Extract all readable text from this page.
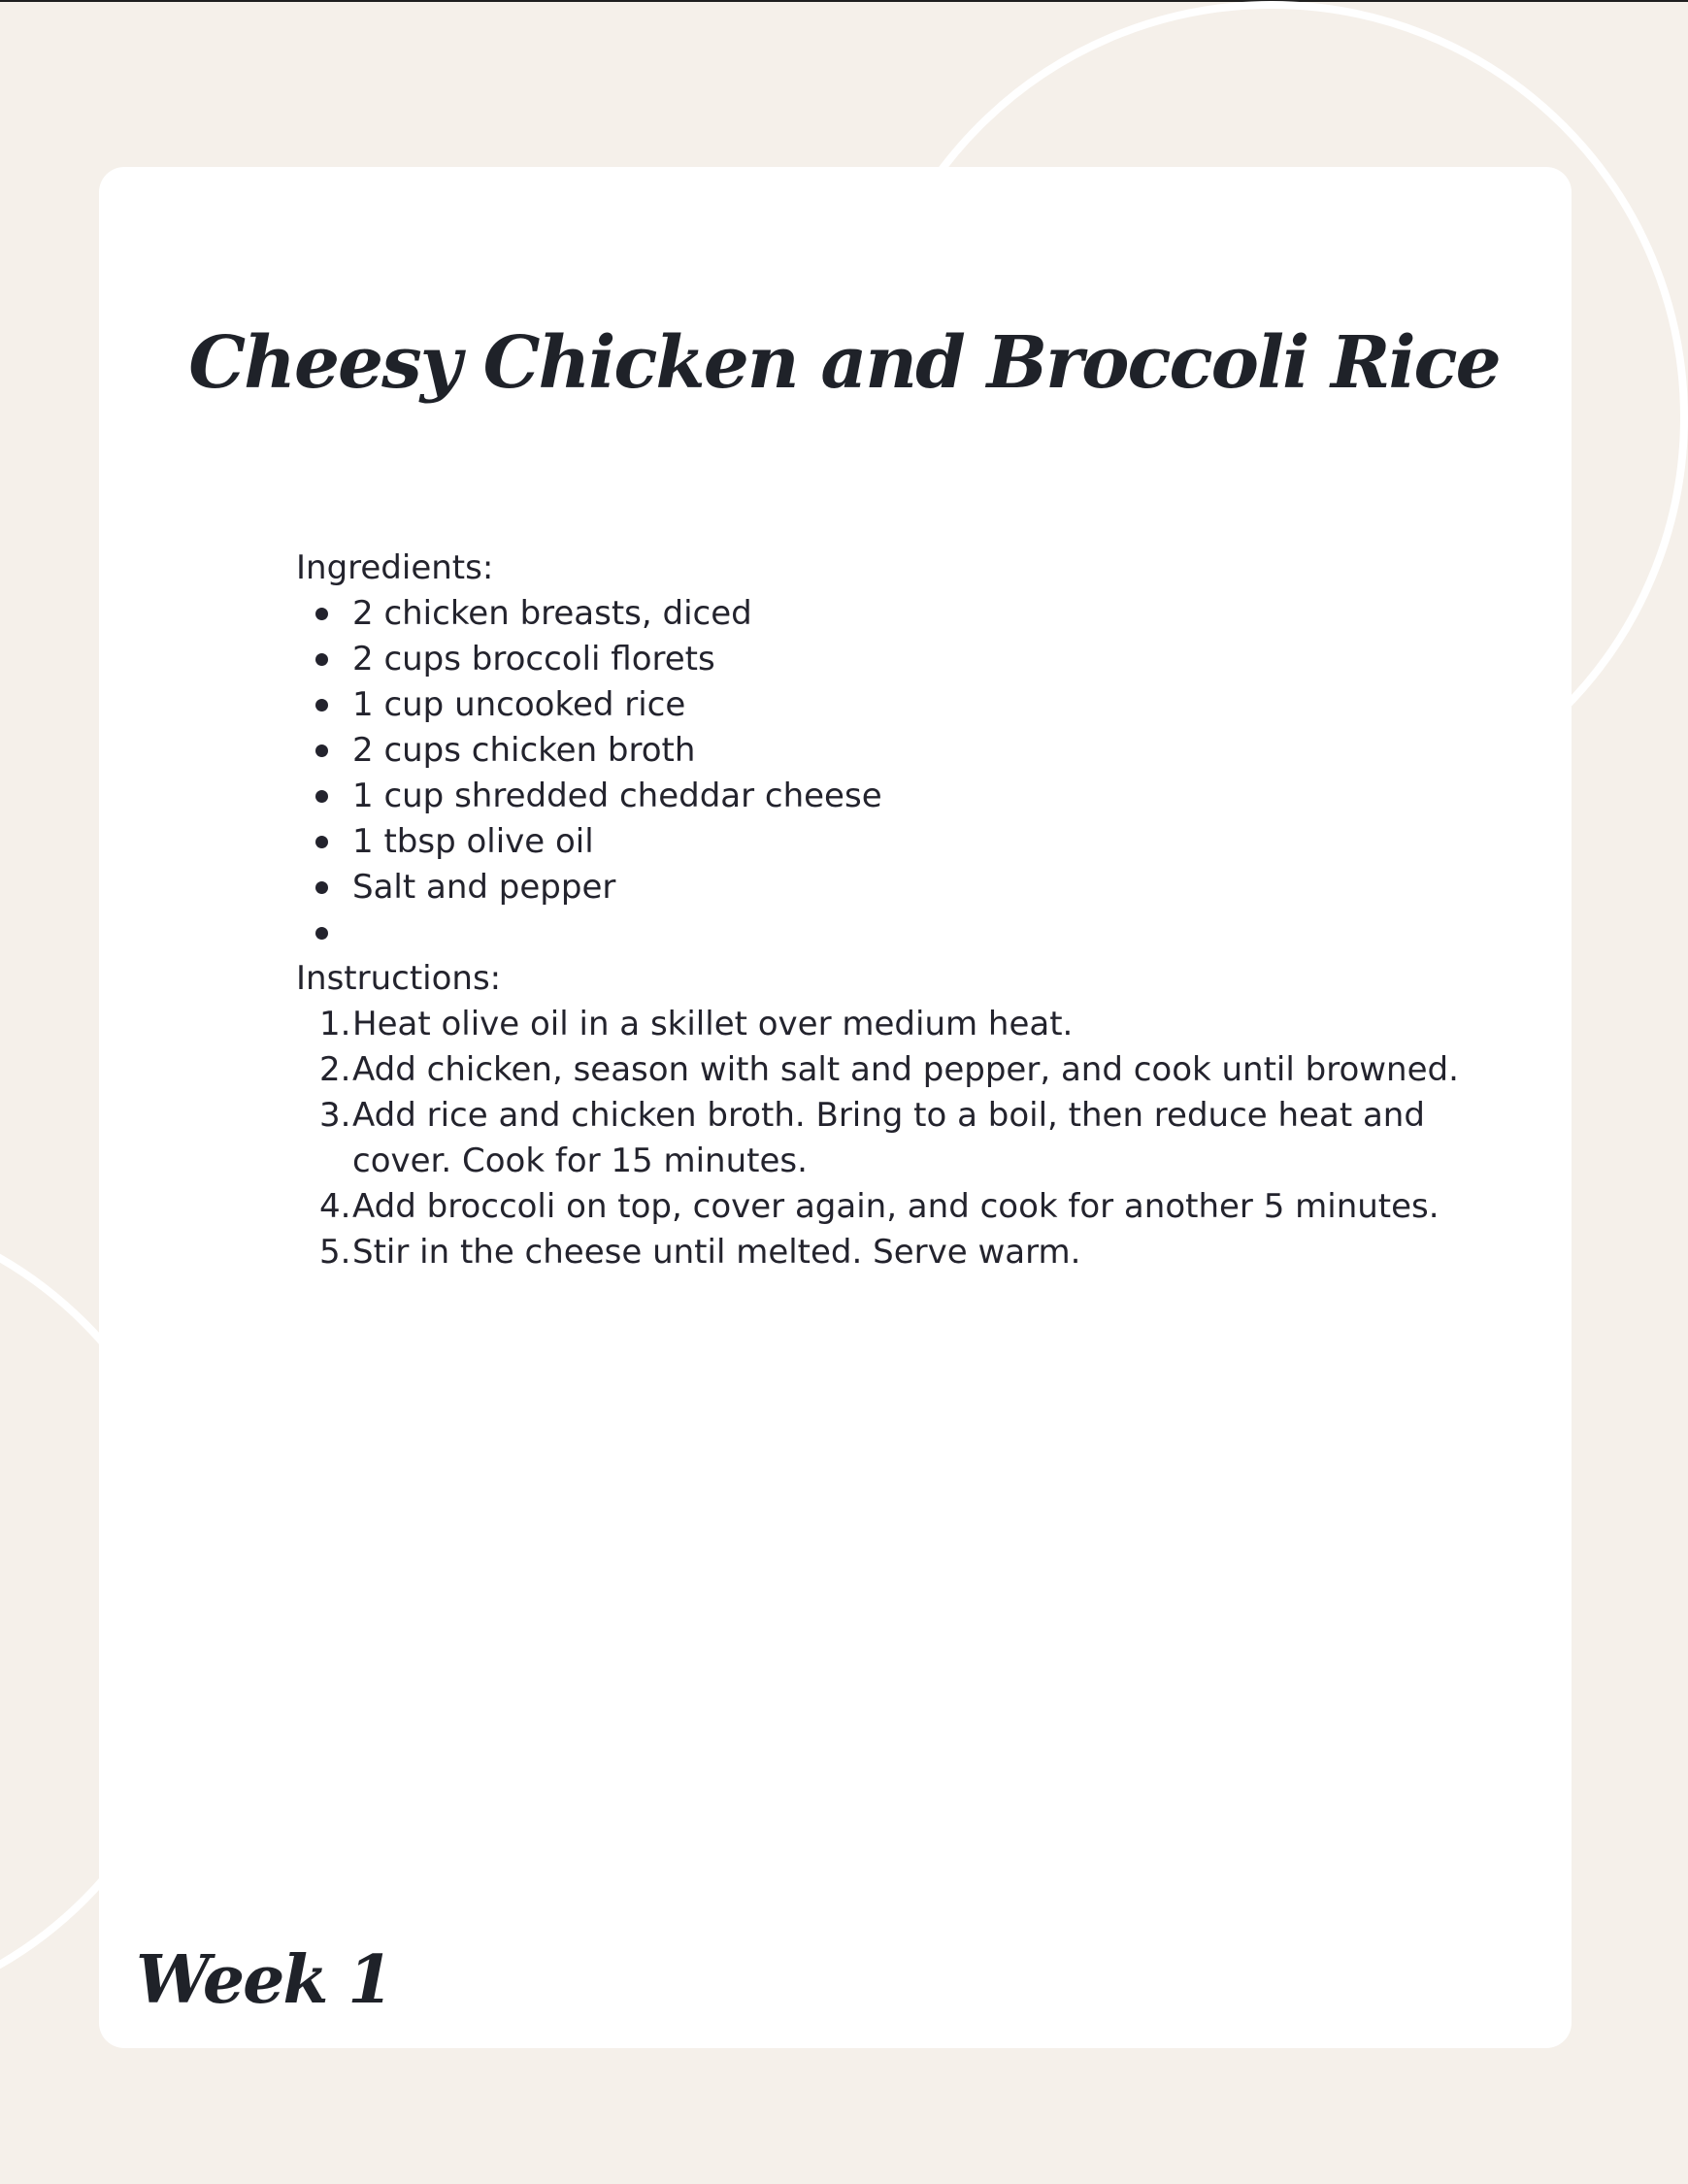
Cheesy Chicken and Broccoli Rice
Ingredients:
2 chicken breasts, diced
2 cups broccoli florets
1 cup uncooked rice
2 cups chicken broth
1 cup shredded cheddar cheese
1 tbsp olive oil
Salt and pepper
Instructions:
1. Heat olive oil in a skillet over medium heat.
2. Add chicken, season with salt and pepper, and cook until browned.
3. Add rice and chicken broth. Bring to a boil, then reduce heat and cover. Cook for 15 minutes.
4. Add broccoli on top, cover again, and cook for another 5 minutes.
5. Stir in the cheese until melted. Serve warm.
Week 1
